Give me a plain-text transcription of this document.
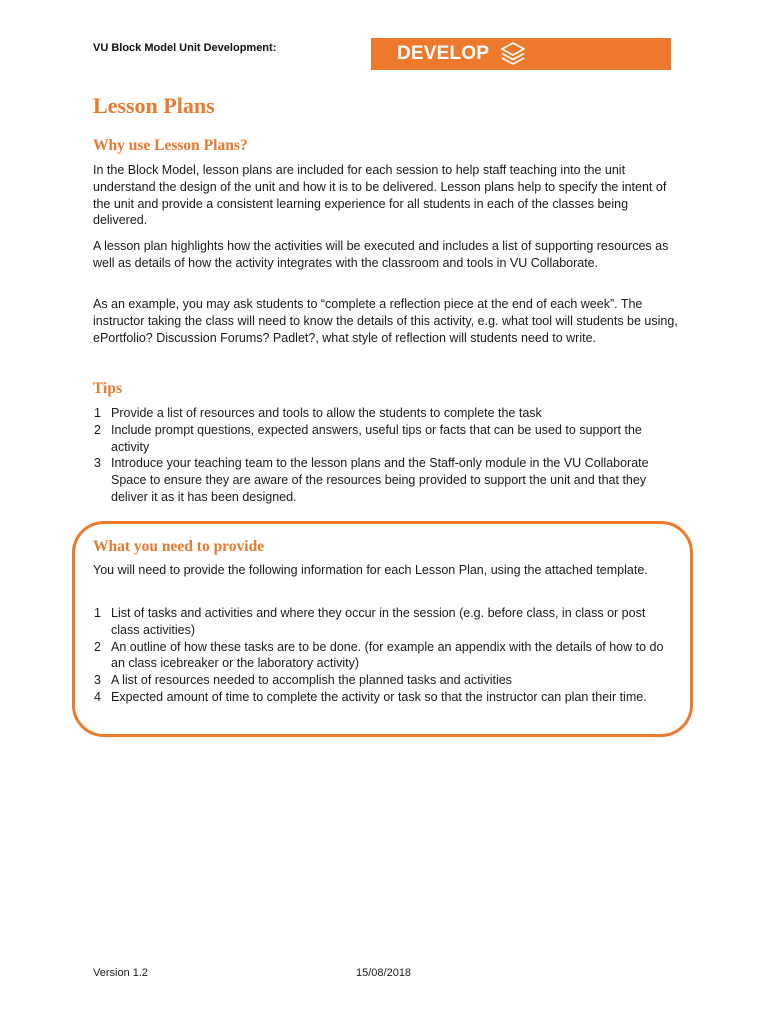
VU Block Model Unit Development:	DEVELOP
Lesson Plans
Why use Lesson Plans?

In the Block Model, lesson plans are included for each session to help staff teaching into the unit understand the design of the unit and how it is to be delivered. Lesson plans help to specify the intent of the unit and provide a consistent learning experience for all students in each of the classes being delivered.

A lesson plan highlights how the activities will be executed and includes a list of supporting resources as well as details of how the activity integrates with the classroom and tools in VU Collaborate.

As an example, you may ask students to “complete a reflection piece at the end of each week”. The instructor taking the class will need to know the details of this activity, e.g. what tool will students be using, ePortfolio? Discussion Forums? Padlet?, what style of reflection will students need to write.

Tips
1 Provide a list of resources and tools to allow the students to complete the task
2 Include prompt questions, expected answers, useful tips or facts that can be used to support the activity
3 Introduce your teaching team to the lesson plans and the Staff-only module in the VU Collaborate Space to ensure they are aware of the resources being provided to support the unit and that they deliver it as it has been designed.
What you need to provide

You will need to provide the following information for each Lesson Plan, using the attached template.

1 List of tasks and activities and where they occur in the session (e.g. before class, in class or post class activities)
2 An outline of how these tasks are to be done. (for example an appendix with the details of how to do an class icebreaker or the laboratory activity)
3 A list of resources needed to accomplish the planned tasks and activities
4 Expected amount of time to complete the activity or task so that the instructor can plan their time.
Version 1.2	15/08/2018
